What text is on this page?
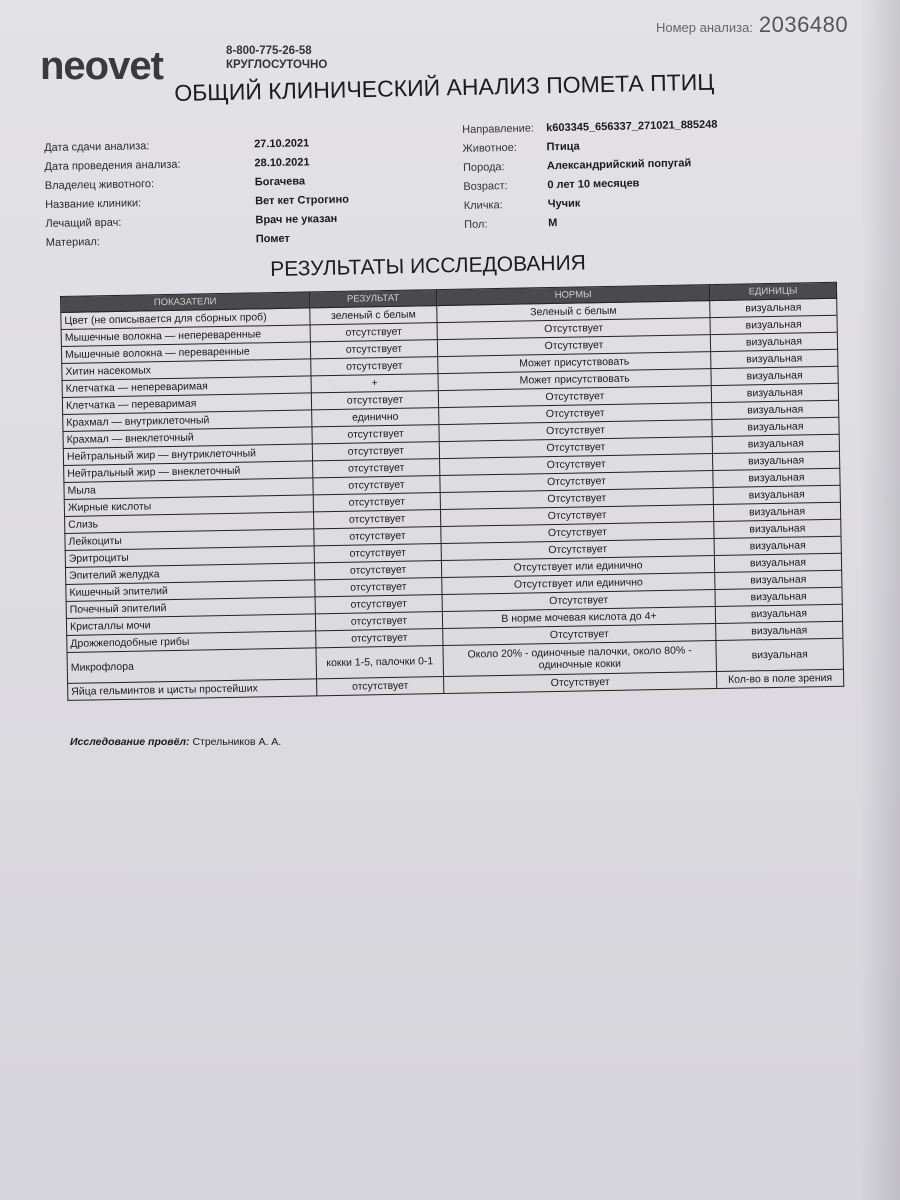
Номер анализа: 2036480
neovet	8-800-775-26-58
КРУГЛОСУТОЧНО
ОБЩИЙ КЛИНИЧЕСКИЙ АНАЛИЗ ПОМЕТА ПТИЦ
Дата сдачи анализа:	27.10.2021
Дата проведения анализа:	28.10.2021
Владелец животного:	Богачева
Название клиники:	Вет кет Строгино
Лечащий врач:	Врач не указан
Материал:	Помет
Направление:	k603345_656337_271021_885248
Животное:	Птица
Порода:	Александрийский попугай
Возраст:	0 лет 10 месяцев
Кличка:	Чучик
Пол:	М
РЕЗУЛЬТАТЫ ИССЛЕДОВАНИЯ
ПОКАЗАТЕЛИ	РЕЗУЛЬТАТ	НОРМЫ	ЕДИНИЦЫ
Цвет (не описывается для сборных проб)	зеленый с белым	Зеленый с белым	визуальная
Мышечные волокна — непереваренные	отсутствует	Отсутствует	визуальная
Мышечные волокна — переваренные	отсутствует	Отсутствует	визуальная
Хитин насекомых	отсутствует	Может присутствовать	визуальная
Клетчатка — непереваримая	+	Может присутствовать	визуальная
Клетчатка — переваримая	отсутствует	Отсутствует	визуальная
Крахмал — внутриклеточный	единично	Отсутствует	визуальная
Крахмал — внеклеточный	отсутствует	Отсутствует	визуальная
Нейтральный жир — внутриклеточный	отсутствует	Отсутствует	визуальная
Нейтральный жир — внеклеточный	отсутствует	Отсутствует	визуальная
Мыла	отсутствует	Отсутствует	визуальная
Жирные кислоты	отсутствует	Отсутствует	визуальная
Слизь	отсутствует	Отсутствует	визуальная
Лейкоциты	отсутствует	Отсутствует	визуальная
Эритроциты	отсутствует	Отсутствует	визуальная
Эпителий желудка	отсутствует	Отсутствует или единично	визуальная
Кишечный эпителий	отсутствует	Отсутствует или единично	визуальная
Почечный эпителий	отсутствует	Отсутствует	визуальная
Кристаллы мочи	отсутствует	В норме мочевая кислота до 4+	визуальная
Дрожжеподобные грибы	отсутствует	Отсутствует	визуальная
Микрофлора	кокки 1-5, палочки 0-1	Около 20% - одиночные палочки, около 80% - одиночные кокки	визуальная
Яйца гельминтов и цисты простейших	отсутствует	Отсутствует	Кол-во в поле зрения
Исследование провёл: Стрельников А. А.
